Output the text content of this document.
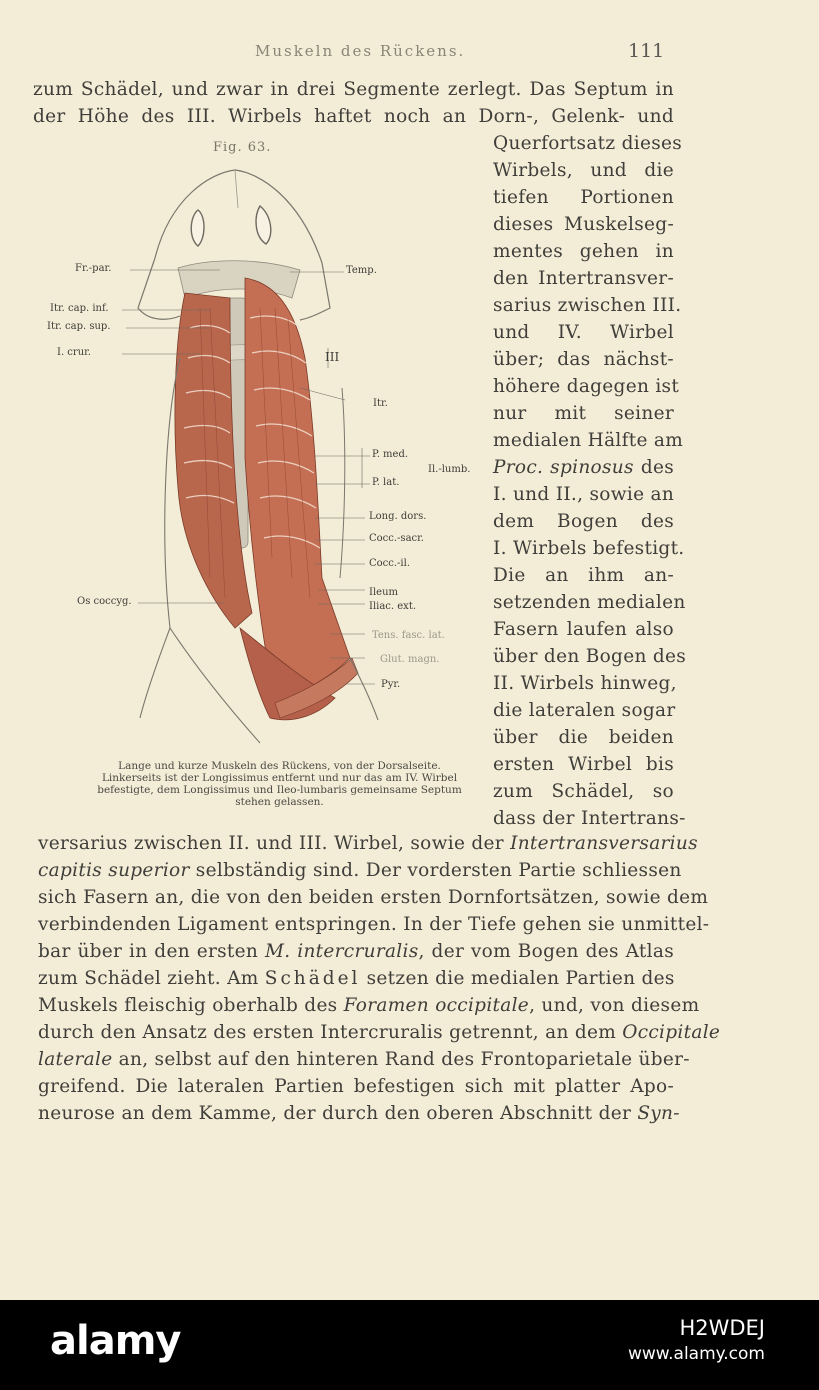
Muskeln des Rückens.	111
zum Schädel, und zwar in drei Segmente zerlegt. Das Septum in
der Höhe des III. Wirbels haftet noch an Dorn-, Gelenk- und
Fig. 63.
Fr.-par.
Itr. cap. inf.
Itr. cap. sup.
I. crur.
Os coccyg.
Temp.
III
Itr.
P. med.
Il.-lumb.
P. lat.
Long. dors.
Cocc.-sacr.
Cocc.-il.
Ileum
Iliac. ext.
Tens. fasc. lat.
Glut. magn.
Pyr.
Lange und kurze Muskeln des Rückens, von der Dorsalseite.
Linkerseits ist der Longissimus entfernt und nur das am IV. Wirbel
befestigte, dem Longissimus und Ileo-lumbaris gemeinsame Septum
stehen gelassen.
Querfortsatz dieses
Wirbels, und die
tiefen Portionen
dieses Muskelseg-
mentes gehen in
den Intertransver-
sarius zwischen III.
und IV. Wirbel
über; das nächst-
höhere dagegen ist
nur mit seiner
medialen Hälfte am
Proc. spinosus des
I. und II., sowie an
dem Bogen des
I. Wirbels befestigt.
Die an ihm an-
setzenden medialen
Fasern laufen also
über den Bogen des
II. Wirbels hinweg,
die lateralen sogar
über die beiden
ersten Wirbel bis
zum Schädel, so
dass der Intertrans-
versarius zwischen II. und III. Wirbel, sowie der Intertransversarius
capitis superior selbständig sind. Der vordersten Partie schliessen
sich Fasern an, die von den beiden ersten Dornfortsätzen, sowie dem
verbindenden Ligament entspringen. In der Tiefe gehen sie unmittel-
bar über in den ersten M. intercruralis, der vom Bogen des Atlas
zum Schädel zieht. Am Schädel setzen die medialen Partien des
Muskels fleischig oberhalb des Foramen occipitale, und, von diesem
durch den Ansatz des ersten Intercruralis getrennt, an dem Occipitale
laterale an, selbst auf den hinteren Rand des Frontoparietale über-
greifend. Die lateralen Partien befestigen sich mit platter Apo-
neurose an dem Kamme, der durch den oberen Abschnitt der Syn-
alamy	H2WDEJ
www.alamy.com
